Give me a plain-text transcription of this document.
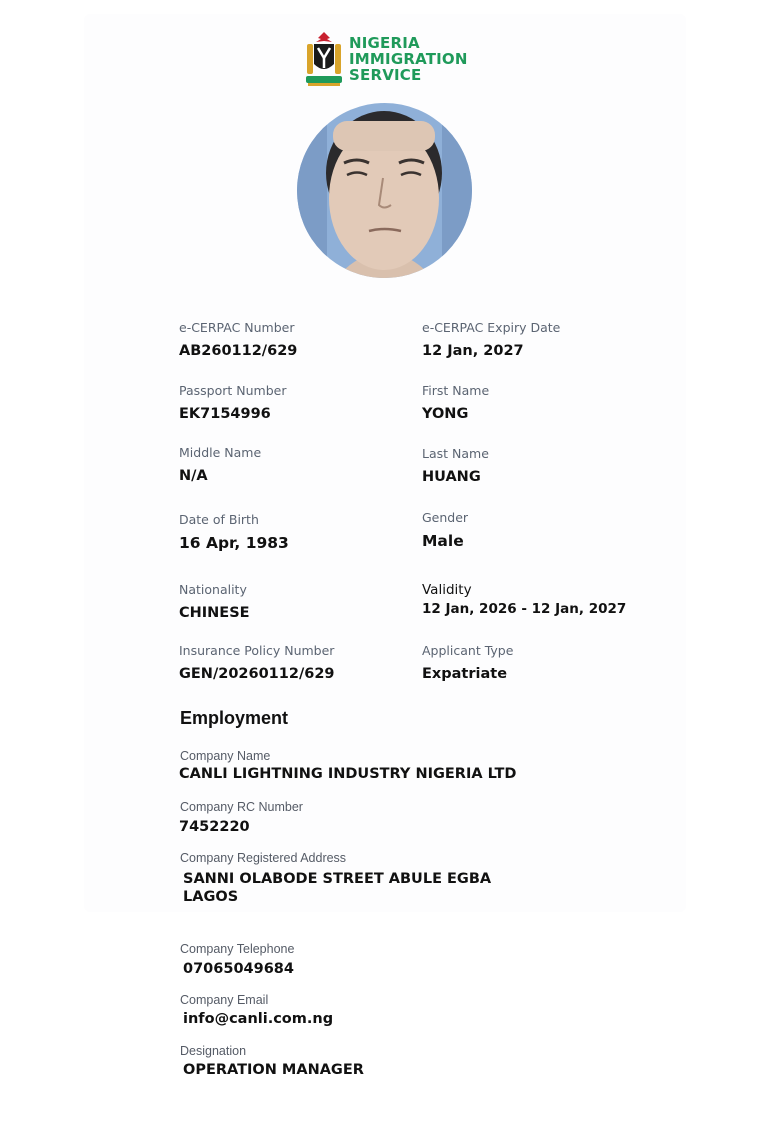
NIGERIA
IMMIGRATION
SERVICE
e-CERPAC Number
AB260112/629
e-CERPAC Expiry Date
12 Jan, 2027
Passport Number
EK7154996
First Name
YONG
Middle Name
N/A
Last Name
HUANG
Date of Birth
16 Apr, 1983
Gender
Male
Nationality
CHINESE
Validity
12 Jan, 2026 - 12 Jan, 2027
Insurance Policy Number
GEN/20260112/629
Applicant Type
Expatriate
Employment
Company Name
CANLI LIGHTNING INDUSTRY NIGERIA LTD
Company RC Number
7452220
Company Registered Address
SANNI OLABODE STREET ABULE EGBA
LAGOS
Company Telephone
07065049684
Company Email
info@canli.com.ng
Designation
OPERATION MANAGER
